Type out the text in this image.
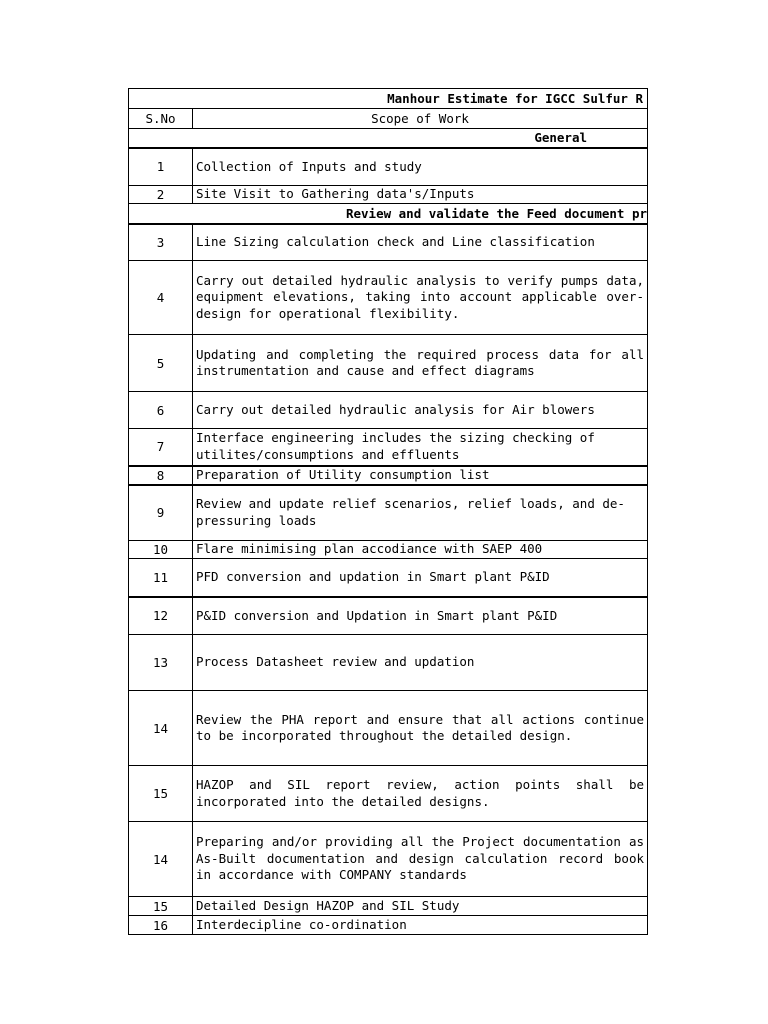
Manhour Estimate for IGCC Sulfur R	
S.No	Scope of Work
General	
1	Collection of Inputs and study
2	Site Visit to Gathering data's/Inputs
Review and validate the Feed document pr	
3	Line Sizing calculation check and Line classification
4	Carry out detailed hydraulic analysis to verify pumps data, equipment elevations, taking into account applicable over-design for operational flexibility.
5	Updating and completing the required process data for all instrumentation and cause and effect diagrams
6	Carry out detailed hydraulic analysis for Air blowers
7	Interface engineering includes the sizing checking of utilites/consumptions and effluents
8	Preparation of Utility consumption list
9	Review and update relief scenarios, relief loads, and de-pressuring loads
10	Flare minimising plan accodiance with SAEP 400
11	PFD conversion and updation in Smart plant P&ID
12	P&ID conversion and Updation in Smart plant P&ID
13	Process Datasheet review and updation
14	Review the PHA report and ensure that all actions continue to be incorporated throughout the detailed design.
15	HAZOP and SIL report review, action points shall be incorporated into the detailed designs.
14	Preparing and/or providing all the Project documentation as As-Built documentation and design calculation record book in accordance with COMPANY standards
15	Detailed Design HAZOP and SIL Study
16	Interdecipline co-ordination
